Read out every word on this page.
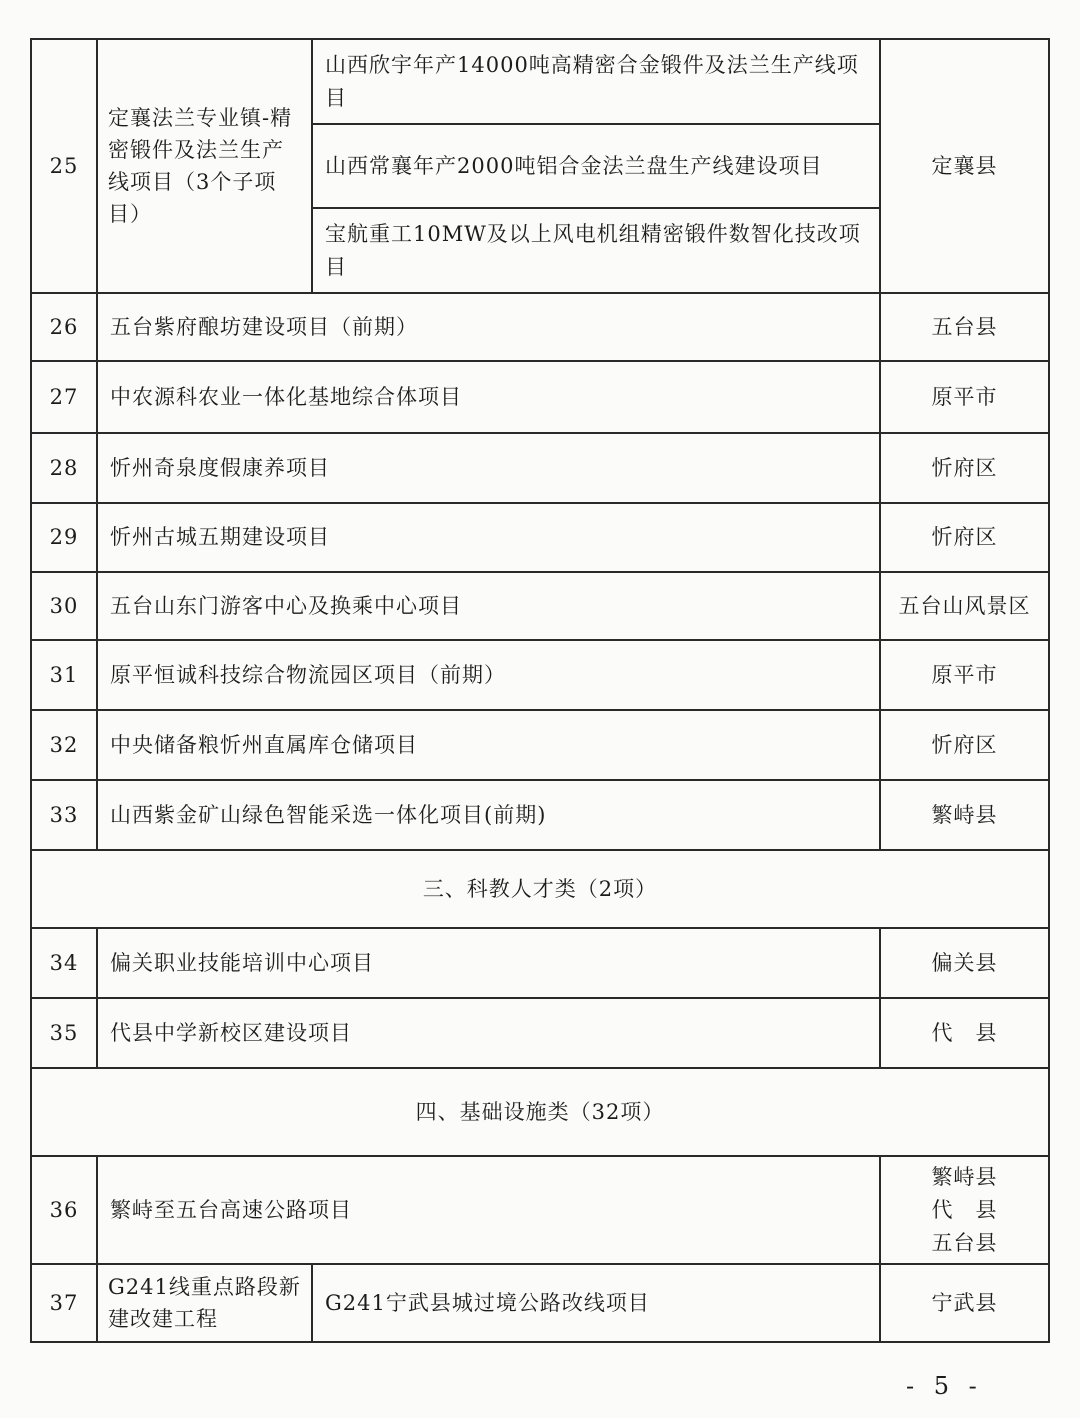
25	定襄法兰专业镇-精密锻件及法兰生产线项目（3个子项目）	山西欣宇年产14000吨高精密合金锻件及法兰生产线项目	定襄县
		山西常襄年产2000吨铝合金法兰盘生产线建设项目	
		宝航重工10MW及以上风电机组精密锻件数智化技改项目	
26	五台紫府酿坊建设项目（前期）		五台县
27	中农源科农业一体化基地综合体项目		原平市
28	忻州奇泉度假康养项目		忻府区
29	忻州古城五期建设项目		忻府区
30	五台山东门游客中心及换乘中心项目		五台山风景区
31	原平恒诚科技综合物流园区项目（前期）		原平市
32	中央储备粮忻州直属库仓储项目		忻府区
33	山西紫金矿山绿色智能采选一体化项目(前期)		繁峙县
三、科教人才类（2项）			
34	偏关职业技能培训中心项目		偏关县
35	代县中学新校区建设项目		代　县
四、基础设施类（32项）			
36	繁峙至五台高速公路项目		繁峙县
代　县
五台县

37	G241线重点路段新建改建工程	G241宁武县城过境公路改线项目	宁武县
- 5 -
